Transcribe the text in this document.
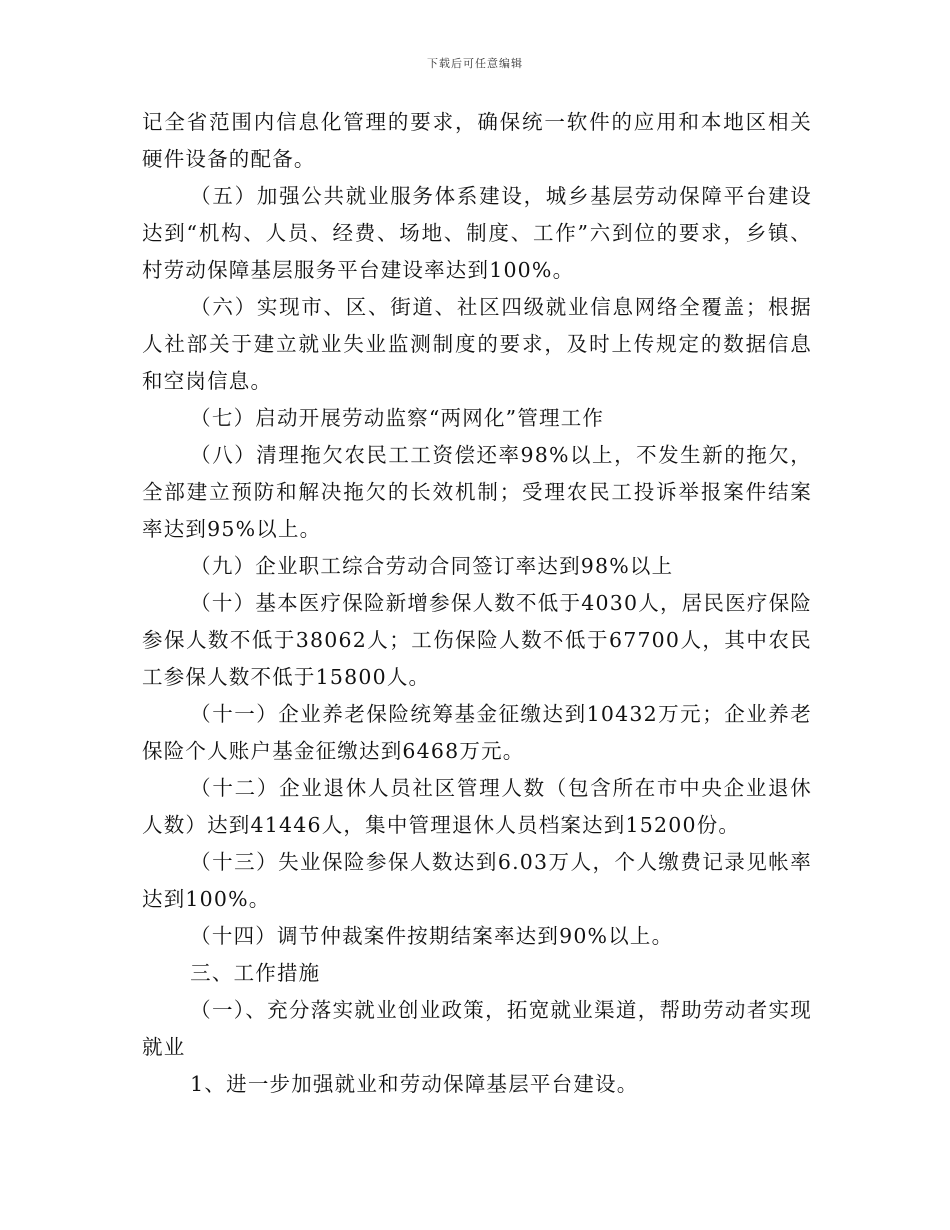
下载后可任意编辑

记全省范围内信息化管理的要求，确保统一软件的应用和本地区相关硬件设备的配备。

（五）加强公共就业服务体系建设，城乡基层劳动保障平台建设达到“机构、人员、经费、场地、制度、工作”六到位的要求，乡镇、村劳动保障基层服务平台建设率达到100%。

（六）实现市、区、街道、社区四级就业信息网络全覆盖；根据人社部关于建立就业失业监测制度的要求，及时上传规定的数据信息和空岗信息。

（七）启动开展劳动监察“两网化”管理工作

（八）清理拖欠农民工工资偿还率98%以上，不发生新的拖欠，全部建立预防和解决拖欠的长效机制；受理农民工投诉举报案件结案率达到95%以上。

（九）企业职工综合劳动合同签订率达到98%以上

（十）基本医疗保险新增参保人数不低于4030人，居民医疗保险参保人数不低于38062人；工伤保险人数不低于67700人，其中农民工参保人数不低于15800人。

（十一）企业养老保险统筹基金征缴达到10432万元；企业养老保险个人账户基金征缴达到6468万元。

（十二）企业退休人员社区管理人数（包含所在市中央企业退休人数）达到41446人，集中管理退休人员档案达到15200份。

（十三）失业保险参保人数达到6.03万人，个人缴费记录见帐率达到100%。

（十四）调节仲裁案件按期结案率达到90%以上。

三、工作措施

（一）、充分落实就业创业政策，拓宽就业渠道，帮助劳动者实现就业

1、进一步加强就业和劳动保障基层平台建设。
